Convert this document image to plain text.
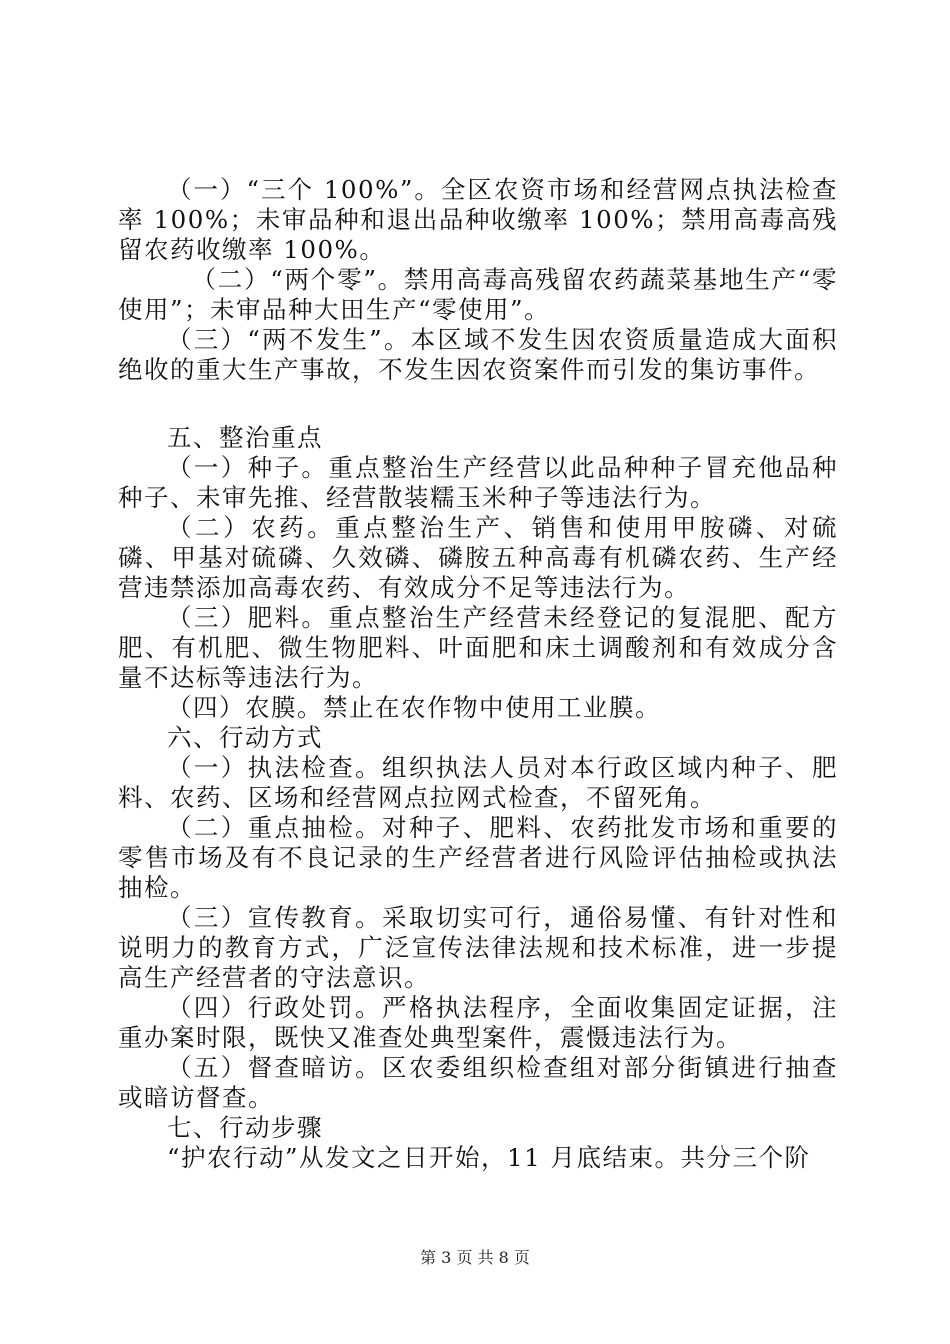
（一）“三个 100%”。全区农资市场和经营网点执法检查率 100%；未审品种和退出品种收缴率 100%；禁用高毒高残留农药收缴率 100%。

（二）“两个零”。禁用高毒高残留农药蔬菜基地生产“零使用”；未审品种大田生产“零使用”。

（三）“两不发生”。本区域不发生因农资质量造成大面积绝收的重大生产事故，不发生因农资案件而引发的集访事件。

五、整治重点

（一）种子。重点整治生产经营以此品种种子冒充他品种种子、未审先推、经营散装糯玉米种子等违法行为。

（二）农药。重点整治生产、销售和使用甲胺磷、对硫磷、甲基对硫磷、久效磷、磷胺五种高毒有机磷农药、生产经营违禁添加高毒农药、有效成分不足等违法行为。

（三）肥料。重点整治生产经营未经登记的复混肥、配方肥、有机肥、微生物肥料、叶面肥和床土调酸剂和有效成分含量不达标等违法行为。

（四）农膜。禁止在农作物中使用工业膜。

六、行动方式

（一）执法检查。组织执法人员对本行政区域内种子、肥料、农药、区场和经营网点拉网式检查，不留死角。

（二）重点抽检。对种子、肥料、农药批发市场和重要的零售市场及有不良记录的生产经营者进行风险评估抽检或执法抽检。

（三）宣传教育。采取切实可行，通俗易懂、有针对性和说明力的教育方式，广泛宣传法律法规和技术标准，进一步提高生产经营者的守法意识。

（四）行政处罚。严格执法程序，全面收集固定证据，注重办案时限，既快又准查处典型案件，震慑违法行为。

（五）督查暗访。区农委组织检查组对部分街镇进行抽查或暗访督查。

七、行动步骤

“护农行动”从发文之日开始，11 月底结束。共分三个阶

第 3 页 共 8 页
